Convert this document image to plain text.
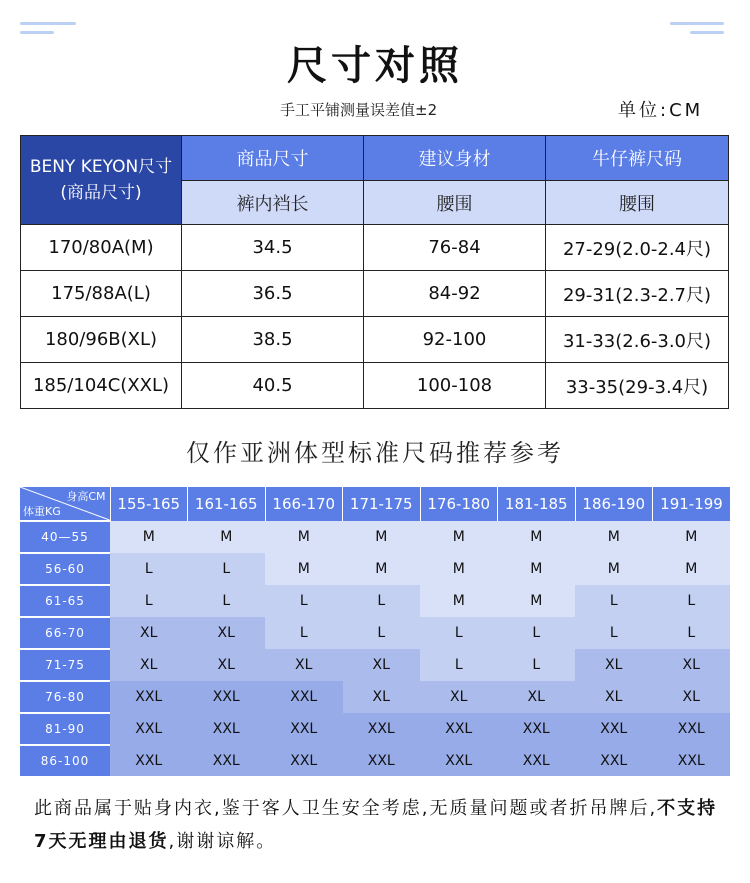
尺寸对照
手工平铺测量误差值±2	单位:CM
BENY KEYON尺寸
(商品尺寸)	商品尺寸	建议身材	牛仔裤尺码
	裤内裆长	腰围	腰围
170/80A(M)	34.5	76-84	27-29(2.0-2.4尺)
175/88A(L)	36.5	84-92	29-31(2.3-2.7尺)
180/96B(XL)	38.5	92-100	31-33(2.6-3.0尺)
185/104C(XXL)	40.5	100-108	33-35(29-3.4尺)
仅作亚洲体型标准尺码推荐参考
身高CM
体重KG	155-165	161-165	166-170	171-175	176-180	181-185	186-190	191-199
40—55	M	M	M	M	M	M	M	M
56-60	L	L	M	M	M	M	M	M
61-65	L	L	L	L	M	M	L	L
66-70	XL	XL	L	L	L	L	L	L
71-75	XL	XL	XL	XL	L	L	XL	XL
76-80	XXL	XXL	XXL	XL	XL	XL	XL	XL
81-90	XXL	XXL	XXL	XXL	XXL	XXL	XXL	XXL
86-100	XXL	XXL	XXL	XXL	XXL	XXL	XXL	XXL
此商品属于贴身内衣,鉴于客人卫生安全考虑,无质量问题或者折吊牌后,不支持7天无理由退货,谢谢谅解。
